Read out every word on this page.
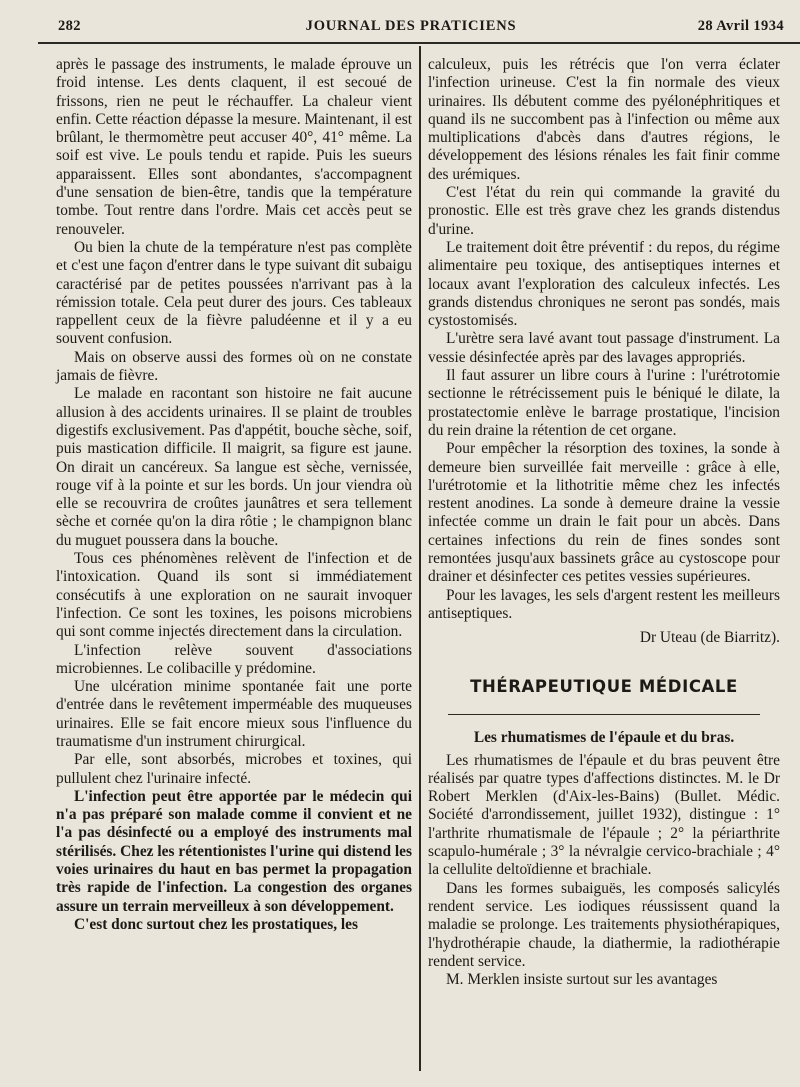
282	JOURNAL DES PRATICIENS	28 Avril 1934

après le passage des instruments, le malade éprouve un froid intense. Les dents claquent, il est secoué de frissons, rien ne peut le réchauffer. La chaleur vient enfin. Cette réaction dépasse la mesure. Maintenant, il est brûlant, le thermomètre peut accuser 40°, 41° même. La soif est vive. Le pouls tendu et rapide. Puis les sueurs apparaissent. Elles sont abondantes, s'accompagnent d'une sensation de bien-être, tandis que la température tombe. Tout rentre dans l'ordre. Mais cet accès peut se renouveler.

Ou bien la chute de la température n'est pas complète et c'est une façon d'entrer dans le type suivant dit subaigu caractérisé par de petites poussées n'arrivant pas à la rémission totale. Cela peut durer des jours. Ces tableaux rappellent ceux de la fièvre paludéenne et il y a eu souvent confusion.

Mais on observe aussi des formes où on ne constate jamais de fièvre.

Le malade en racontant son histoire ne fait aucune allusion à des accidents urinaires. Il se plaint de troubles digestifs exclusivement. Pas d'appétit, bouche sèche, soif, puis mastication difficile. Il maigrit, sa figure est jaune. On dirait un cancéreux. Sa langue est sèche, vernissée, rouge vif à la pointe et sur les bords. Un jour viendra où elle se recouvrira de croûtes jaunâtres et sera tellement sèche et cornée qu'on la dira rôtie ; le champignon blanc du muguet poussera dans la bouche.

Tous ces phénomènes relèvent de l'infection et de l'intoxication. Quand ils sont si immédiatement consécutifs à une exploration on ne saurait invoquer l'infection. Ce sont les toxines, les poisons microbiens qui sont comme injectés directement dans la circulation.

L'infection relève souvent d'associations microbiennes. Le colibacille y prédomine.

Une ulcération minime spontanée fait une porte d'entrée dans le revêtement imperméable des muqueuses urinaires. Elle se fait encore mieux sous l'influence du traumatisme d'un instrument chirurgical.

Par elle, sont absorbés, microbes et toxines, qui pullulent chez l'urinaire infecté.

L'infection peut être apportée par le médecin qui n'a pas préparé son malade comme il convient et ne l'a pas désinfecté ou a employé des instruments mal stérilisés. Chez les rétentionistes l'urine qui distend les voies urinaires du haut en bas permet la propagation très rapide de l'infection. La congestion des organes assure un terrain merveilleux à son développement.

C'est donc surtout chez les prostatiques, les

calculeux, puis les rétrécis que l'on verra éclater l'infection urineuse. C'est la fin normale des vieux urinaires. Ils débutent comme des pyélonéphritiques et quand ils ne succombent pas à l'infection ou même aux multiplications d'abcès dans d'autres régions, le développement des lésions rénales les fait finir comme des urémiques.

C'est l'état du rein qui commande la gravité du pronostic. Elle est très grave chez les grands distendus d'urine.

Le traitement doit être préventif : du repos, du régime alimentaire peu toxique, des antiseptiques internes et locaux avant l'exploration des calculeux infectés. Les grands distendus chroniques ne seront pas sondés, mais cystostomisés.

L'urètre sera lavé avant tout passage d'instrument. La vessie désinfectée après par des lavages appropriés.

Il faut assurer un libre cours à l'urine : l'urétrotomie sectionne le rétrécissement puis le béniqué le dilate, la prostatectomie enlève le barrage prostatique, l'incision du rein draine la rétention de cet organe.

Pour empêcher la résorption des toxines, la sonde à demeure bien surveillée fait merveille : grâce à elle, l'urétrotomie et la lithotritie même chez les infectés restent anodines. La sonde à demeure draine la vessie infectée comme un drain le fait pour un abcès. Dans certaines infections du rein de fines sondes sont remontées jusqu'aux bassinets grâce au cystoscope pour drainer et désinfecter ces petites vessies supérieures.

Pour les lavages, les sels d'argent restent les meilleurs antiseptiques.

Dr Uteau (de Biarritz).

THÉRAPEUTIQUE MÉDICALE
Les rhumatismes de l'épaule et du bras.

Les rhumatismes de l'épaule et du bras peuvent être réalisés par quatre types d'affections distinctes. M. le Dr Robert Merklen (d'Aix-les-Bains) (Bullet. Médic. Société d'arrondissement, juillet 1932), distingue : 1° l'arthrite rhumatismale de l'épaule ; 2° la périarthrite scapulo-humérale ; 3° la névralgie cervico-brachiale ; 4° la cellulite deltoïdienne et brachiale.

Dans les formes subaiguës, les composés salicylés rendent service. Les iodiques réussissent quand la maladie se prolonge. Les traitements physiothérapiques, l'hydrothérapie chaude, la diathermie, la radiothérapie rendent service.

M. Merklen insiste surtout sur les avantages
